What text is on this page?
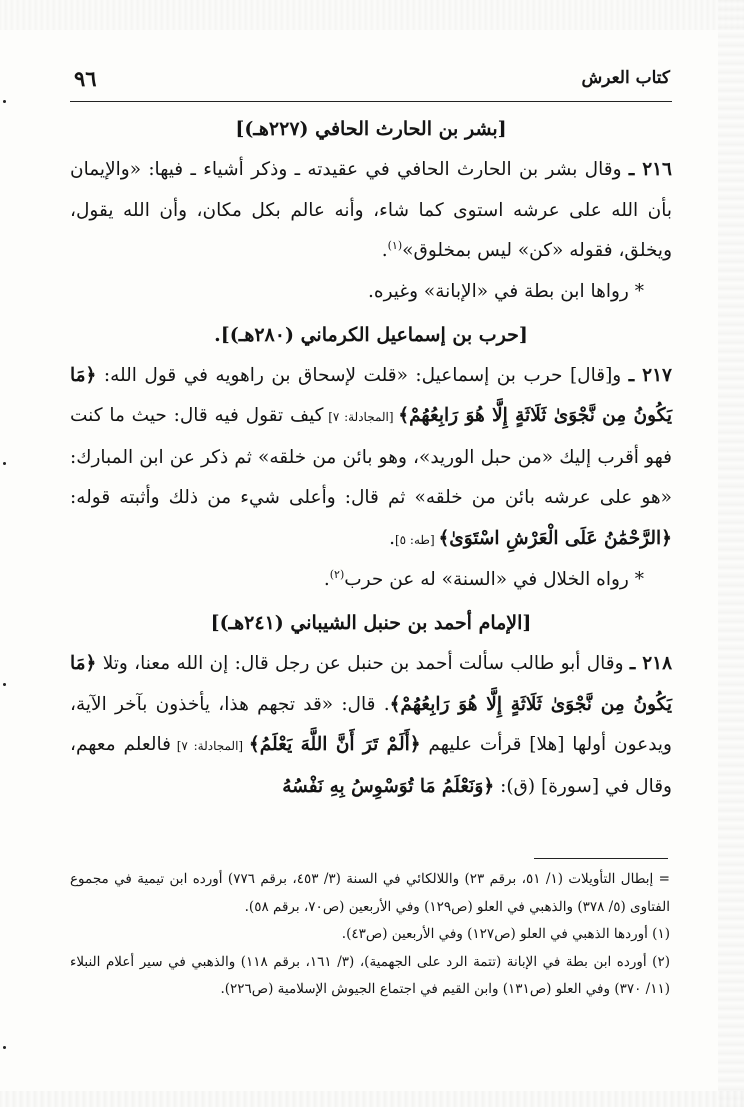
كتاب العرش
٩٦
[بشر بن الحارث الحافي (٢٢٧هـ)]

٢١٦ ـ وقال بشر بن الحارث الحافي في عقيدته ـ وذكر أشياء ـ فيها: «والإيمان بأن الله على عرشه استوى كما شاء، وأنه عالم بكل مكان، وأن الله يقول، ويخلق، فقوله «كن» ليس بمخلوق»$^{(١)}$.

* رواها ابن بطة في «الإبانة» وغيره.

[حرب بن إسماعيل الكرماني (٢٨٠هـ)].

٢١٧ ـ و[قال] حرب بن إسماعيل: «قلت لإسحاق بن راهويه في قول الله: ﴿مَا يَكُونُ مِن نَّجْوَىٰ ثَلَاثَةٍ إِلَّا هُوَ رَابِعُهُمْ﴾ [المجادلة: ٧] كيف تقول فيه قال: حيث ما كنت فهو أقرب إليك «من حبل الوريد»، وهو بائن من خلقه» ثم ذكر عن ابن المبارك: «هو على عرشه بائن من خلقه» ثم قال: وأعلى شيء من ذلك وأثبته قوله: ﴿الرَّحْمَٰنُ عَلَى الْعَرْشِ اسْتَوَىٰ﴾ [طه: ٥].

* رواه الخلال في «السنة» له عن حرب$^{(٢)}$.

[الإمام أحمد بن حنبل الشيباني (٢٤١هـ)]

٢١٨ ـ وقال أبو طالب سألت أحمد بن حنبل عن رجل قال: إن الله معنا، وتلا ﴿مَا يَكُونُ مِن نَّجْوَىٰ ثَلَاثَةٍ إِلَّا هُوَ رَابِعُهُمْ﴾. قال: «قد تجهم هذا، يأخذون بآخر الآية، ويدعون أولها [هلا] قرأت عليهم ﴿أَلَمْ تَرَ أَنَّ اللَّهَ يَعْلَمُ﴾ [المجادلة: ٧] فالعلم معهم، وقال في [سورة] (ق): ﴿وَنَعْلَمُ مَا تُوَسْوِسُ بِهِ نَفْسُهُ

= إبطال التأويلات (١/ ٥١، برقم ٢٣) واللالكائي في السنة (٣/ ٤٥٣، برقم ٧٧٦) أورده ابن تيمية في مجموع الفتاوى (٥/ ٣٧٨) والذهبي في العلو (ص١٢٩) وفي الأربعين (ص٧٠، برقم ٥٨).

(١) أوردها الذهبي في العلو (ص١٢٧) وفي الأربعين (ص٤٣).

(٢) أورده ابن بطة في الإبانة (تتمة الرد على الجهمية)، (٣/ ١٦١، برقم ١١٨) والذهبي في سير أعلام النبلاء (١١/ ٣٧٠) وفي العلو (ص١٣١) وابن القيم في اجتماع الجيوش الإسلامية (ص٢٢٦).
